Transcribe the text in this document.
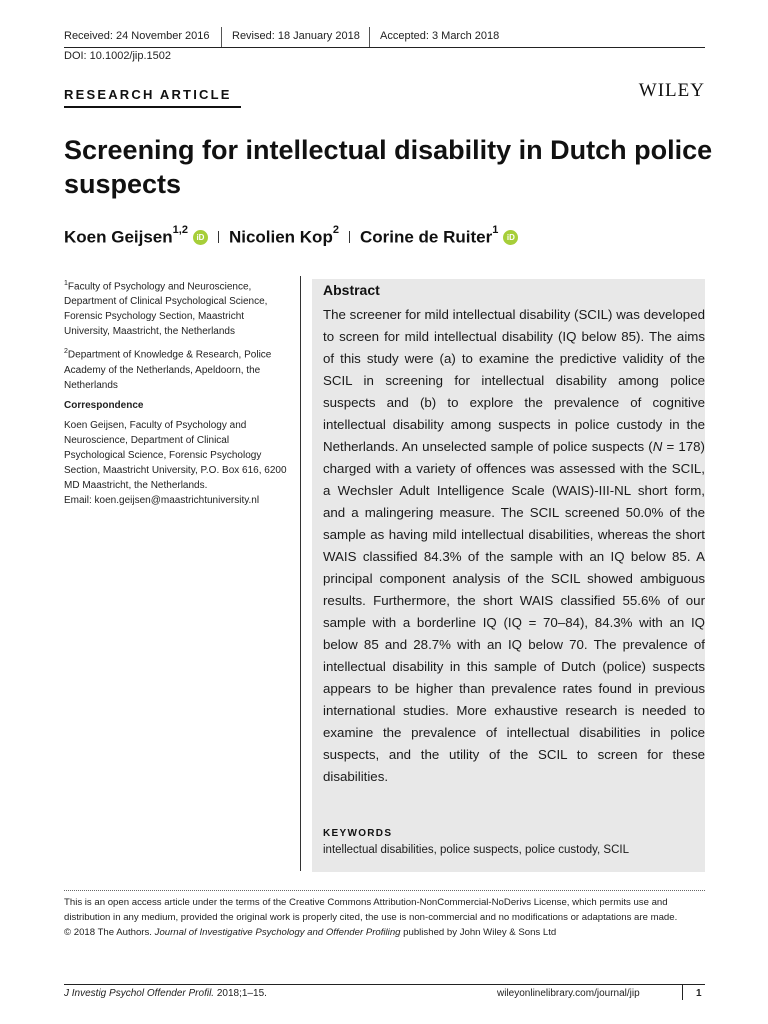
Received: 24 November 2016 Revised: 18 January 2018 Accepted: 3 March 2018
DOI: 10.1002/jip.1502
RESEARCH ARTICLE	WILEY
Screening for intellectual disability in Dutch police suspects
Koen Geijsen$^{1,2}$
iD Nicolien Kop$^2$ Corine de Ruiter$^1$
iD

$^1$Faculty of Psychology and Neuroscience, Department of Clinical Psychological Science, Forensic Psychology Section, Maastricht University, Maastricht, the Netherlands

$^2$Department of Knowledge & Research, Police Academy of the Netherlands, Apeldoorn, the Netherlands

Correspondence

Koen Geijsen, Faculty of Psychology and Neuroscience, Department of Clinical Psychological Science, Forensic Psychology Section, Maastricht University, P.O. Box 616, 6200 MD Maastricht, the Netherlands.

Email: koen.geijsen@maastrichtuniversity.nl

Abstract

The screener for mild intellectual disability (SCIL) was developed to screen for mild intellectual disability (IQ below 85). The aims of this study were (a) to examine the predictive validity of the SCIL in screening for intellectual disability among police suspects and (b) to explore the prevalence of cognitive intellectual disability among suspects in police custody in the Netherlands. An unselected sample of police suspects (N = 178) charged with a variety of offences was assessed with the SCIL, a Wechsler Adult Intelligence Scale (WAIS)-III-NL short form, and a malingering measure. The SCIL screened 50.0% of the sample as having mild intellectual disabilities, whereas the short WAIS classified 84.3% of the sample with an IQ below 85. A principal component analysis of the SCIL showed ambiguous results. Furthermore, the short WAIS classified 55.6% of our sample with a borderline IQ (IQ = 70–84), 84.3% with an IQ below 85 and 28.7% with an IQ below 70. The prevalence of intellectual disability in this sample of Dutch (police) suspects appears to be higher than prevalence rates found in previous international studies. More exhaustive research is needed to examine the prevalence of intellectual disabilities in police suspects, and the utility of the SCIL to screen for these disabilities.

KEYWORDS
intellectual disabilities, police suspects, police custody, SCIL

This is an open access article under the terms of the Creative Commons Attribution-NonCommercial-NoDerivs License, which permits use and distribution in any medium, provided the original work is properly cited, the use is non-commercial and no modifications or adaptations are made.

© 2018 The Authors. Journal of Investigative Psychology and Offender Profiling published by John Wiley & Sons Ltd

J Investig Psychol Offender Profil. 2018;1–15.	wileyonlinelibrary.com/journal/jip	1
